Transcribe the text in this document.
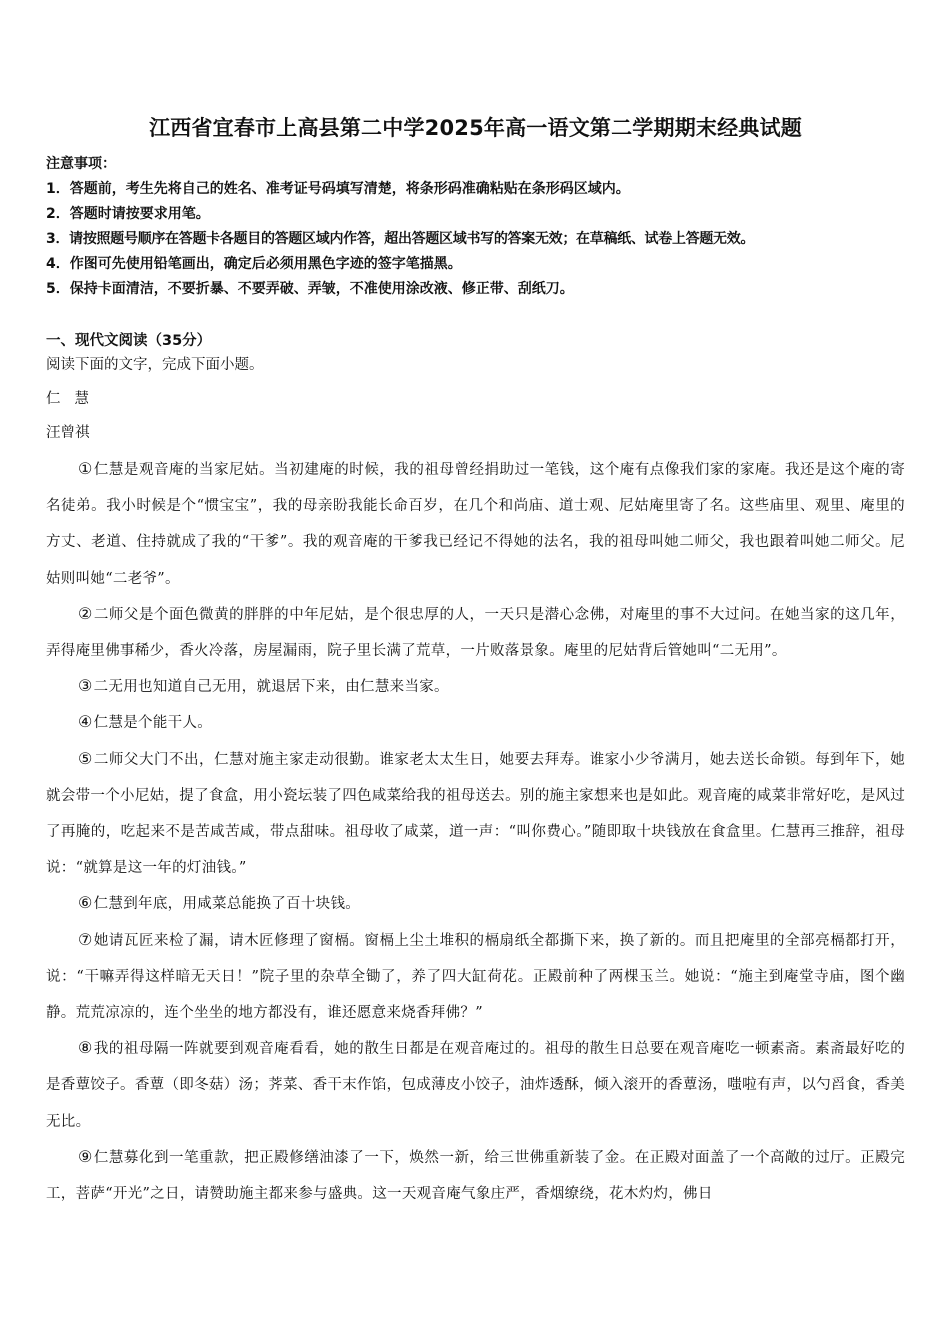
江西省宜春市上高县第二中学2025年高一语文第二学期期末经典试题
注意事项：
1．答题前，考生先将自己的姓名、准考证号码填写清楚，将条形码准确粘贴在条形码区域内。
2．答题时请按要求用笔。
3．请按照题号顺序在答题卡各题目的答题区域内作答，超出答题区域书写的答案无效；在草稿纸、试卷上答题无效。
4．作图可先使用铅笔画出，确定后必须用黑色字迹的签字笔描黑。
5．保持卡面清洁，不要折暴、不要弄破、弄皱，不准使用涂改液、修正带、刮纸刀。
一、现代文阅读（35分）
阅读下面的文字，完成下面小题。
仁慧
汪曾祺

①仁慧是观音庵的当家尼姑。当初建庵的时候，我的祖母曾经捐助过一笔钱，这个庵有点像我们家的家庵。我还是这个庵的寄名徒弟。我小时候是个“惯宝宝”，我的母亲盼我能长命百岁，在几个和尚庙、道士观、尼姑庵里寄了名。这些庙里、观里、庵里的方丈、老道、住持就成了我的“干爹”。我的观音庵的干爹我已经记不得她的法名，我的祖母叫她二师父，我也跟着叫她二师父。尼姑则叫她“二老爷”。

②二师父是个面色微黄的胖胖的中年尼姑，是个很忠厚的人，一天只是潜心念佛，对庵里的事不大过问。在她当家的这几年，弄得庵里佛事稀少，香火冷落，房屋漏雨，院子里长满了荒草，一片败落景象。庵里的尼姑背后管她叫“二无用”。

③二无用也知道自己无用，就退居下来，由仁慧来当家。

④仁慧是个能干人。

⑤二师父大门不出，仁慧对施主家走动很勤。谁家老太太生日，她要去拜寿。谁家小少爷满月，她去送长命锁。每到年下，她就会带一个小尼姑，提了食盒，用小瓷坛装了四色咸菜给我的祖母送去。别的施主家想来也是如此。观音庵的咸菜非常好吃，是风过了再腌的，吃起来不是苦咸苦咸，带点甜味。祖母收了咸菜，道一声：“叫你费心。”随即取十块钱放在食盒里。仁慧再三推辞，祖母说：“就算是这一年的灯油钱。”

⑥仁慧到年底，用咸菜总能换了百十块钱。

⑦她请瓦匠来检了漏，请木匠修理了窗槅。窗槅上尘土堆积的槅扇纸全都撕下来，换了新的。而且把庵里的全部亮槅都打开，说：“干嘛弄得这样暗无天日！”院子里的杂草全锄了，养了四大缸荷花。正殿前种了两棵玉兰。她说：“施主到庵堂寺庙，图个幽静。荒荒凉凉的，连个坐坐的地方都没有，谁还愿意来烧香拜佛？”

⑧我的祖母隔一阵就要到观音庵看看，她的散生日都是在观音庵过的。祖母的散生日总要在观音庵吃一顿素斋。素斋最好吃的是香蕈饺子。香蕈（即冬菇）汤；荠菜、香干末作馅，包成薄皮小饺子，油炸透酥，倾入滚开的香蕈汤，嗤啦有声，以勺舀食，香美无比。

⑨仁慧募化到一笔重款，把正殿修缮油漆了一下，焕然一新，给三世佛重新装了金。在正殿对面盖了一个高敞的过厅。正殿完工，菩萨“开光”之日，请赞助施主都来参与盛典。这一天观音庵气象庄严，香烟缭绕，花木灼灼，佛日
